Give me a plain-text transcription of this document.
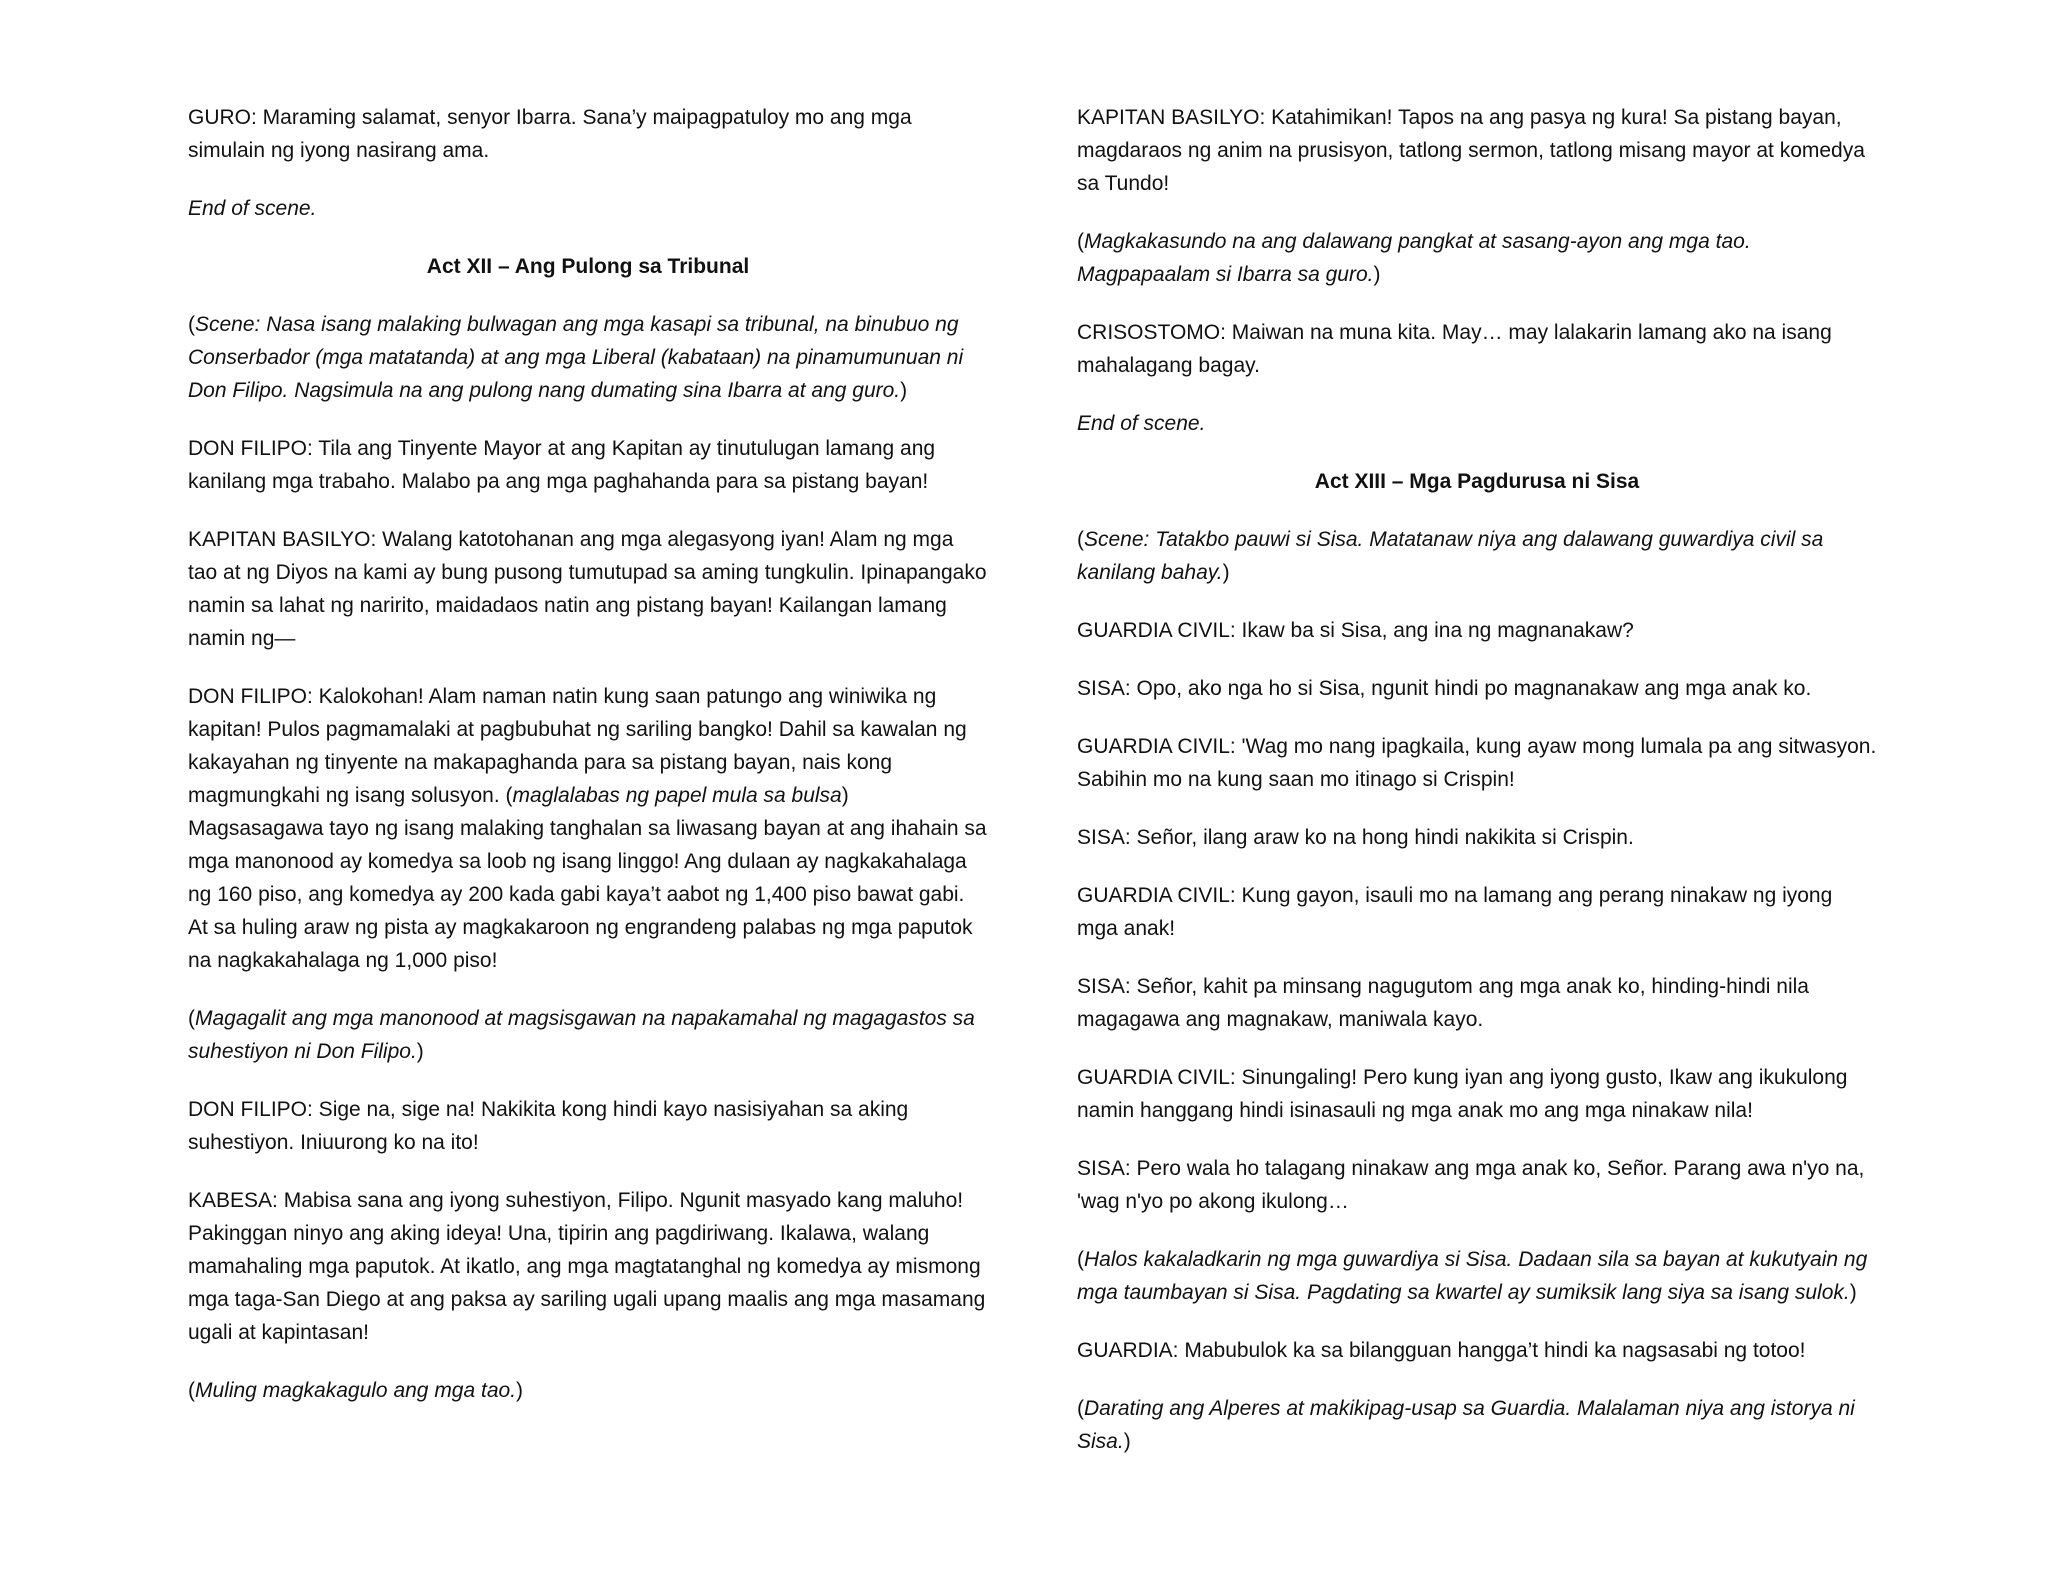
GURO: Maraming salamat, senyor Ibarra. Sana’y maipagpatuloy mo ang mga simulain ng iyong nasirang ama.

End of scene.

Act XII – Ang Pulong sa Tribunal

(Scene: Nasa isang malaking bulwagan ang mga kasapi sa tribunal, na binubuo ng Conserbador (mga matatanda) at ang mga Liberal (kabataan) na pinamumunuan ni Don Filipo. Nagsimula na ang pulong nang dumating sina Ibarra at ang guro.)

DON FILIPO: Tila ang Tinyente Mayor at ang Kapitan ay tinutulugan lamang ang kanilang mga trabaho. Malabo pa ang mga paghahanda para sa pistang bayan!

KAPITAN BASILYO: Walang katotohanan ang mga alegasyong iyan! Alam ng mga tao at ng Diyos na kami ay bung pusong tumutupad sa aming tungkulin. Ipinapangako namin sa lahat ng naririto, maidadaos natin ang pistang bayan! Kailangan lamang namin ng—

DON FILIPO: Kalokohan! Alam naman natin kung saan patungo ang winiwika ng kapitan! Pulos pagmamalaki at pagbubuhat ng sariling bangko! Dahil sa kawalan ng kakayahan ng tinyente na makapaghanda para sa pistang bayan, nais kong magmungkahi ng isang solusyon. (maglalabas ng papel mula sa bulsa) Magsasagawa tayo ng isang malaking tanghalan sa liwasang bayan at ang ihahain sa mga manonood ay komedya sa loob ng isang linggo! Ang dulaan ay nagkakahalaga ng 160 piso, ang komedya ay 200 kada gabi kaya’t aabot ng 1,400 piso bawat gabi. At sa huling araw ng pista ay magkakaroon ng engrandeng palabas ng mga paputok na nagkakahalaga ng 1,000 piso!

(Magagalit ang mga manonood at magsisgawan na napakamahal ng magagastos sa suhestiyon ni Don Filipo.)

DON FILIPO: Sige na, sige na! Nakikita kong hindi kayo nasisiyahan sa aking suhestiyon. Iniuurong ko na ito!

KABESA: Mabisa sana ang iyong suhestiyon, Filipo. Ngunit masyado kang maluho! Pakinggan ninyo ang aking ideya! Una, tipirin ang pagdiriwang. Ikalawa, walang mamahaling mga paputok. At ikatlo, ang mga magtatanghal ng komedya ay mismong mga taga-San Diego at ang paksa ay sariling ugali upang maalis ang mga masamang ugali at kapintasan!

(Muling magkakagulo ang mga tao.)

KAPITAN BASILYO: Katahimikan! Tapos na ang pasya ng kura! Sa pistang bayan, magdaraos ng anim na prusisyon, tatlong sermon, tatlong misang mayor at komedya sa Tundo!

(Magkakasundo na ang dalawang pangkat at sasang-ayon ang mga tao. Magpapaalam si Ibarra sa guro.)

CRISOSTOMO: Maiwan na muna kita. May… may lalakarin lamang ako na isang mahalagang bagay.

End of scene.

Act XIII – Mga Pagdurusa ni Sisa

(Scene: Tatakbo pauwi si Sisa. Matatanaw niya ang dalawang guwardiya civil sa kanilang bahay.)

GUARDIA CIVIL: Ikaw ba si Sisa, ang ina ng magnanakaw?

SISA: Opo, ako nga ho si Sisa, ngunit hindi po magnanakaw ang mga anak ko.

GUARDIA CIVIL: 'Wag mo nang ipagkaila, kung ayaw mong lumala pa ang sitwasyon. Sabihin mo na kung saan mo itinago si Crispin!

SISA: Señor, ilang araw ko na hong hindi nakikita si Crispin.

GUARDIA CIVIL: Kung gayon, isauli mo na lamang ang perang ninakaw ng iyong mga anak!

SISA: Señor, kahit pa minsang nagugutom ang mga anak ko, hinding-hindi nila magagawa ang magnakaw, maniwala kayo.

GUARDIA CIVIL: Sinungaling! Pero kung iyan ang iyong gusto, Ikaw ang ikukulong namin hanggang hindi isinasauli ng mga anak mo ang mga ninakaw nila!

SISA: Pero wala ho talagang ninakaw ang mga anak ko, Señor. Parang awa n'yo na, 'wag n'yo po akong ikulong…

(Halos kakaladkarin ng mga guwardiya si Sisa. Dadaan sila sa bayan at kukutyain ng mga taumbayan si Sisa. Pagdating sa kwartel ay sumiksik lang siya sa isang sulok.)

GUARDIA: Mabubulok ka sa bilangguan hangga’t hindi ka nagsasabi ng totoo!

(Darating ang Alperes at makikipag-usap sa Guardia. Malalaman niya ang istorya ni Sisa.)
